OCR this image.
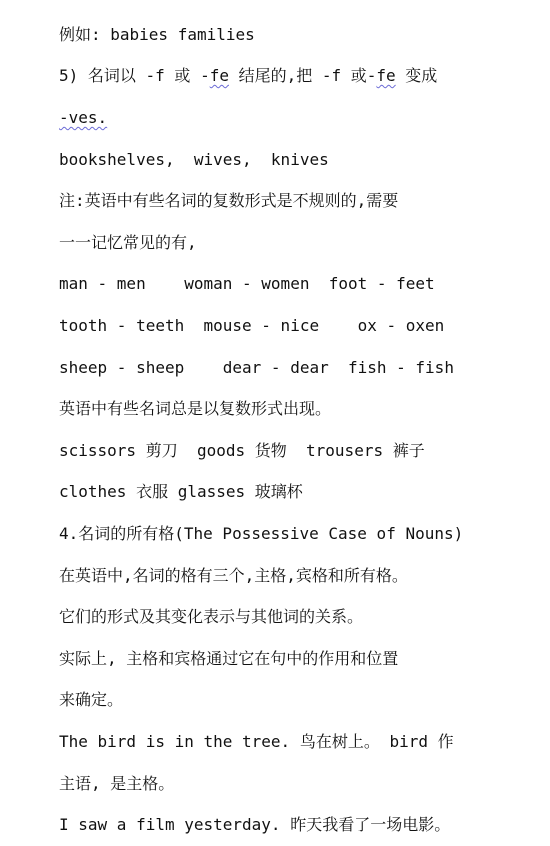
例如: babies families
5) 名词以 -f 或 -fe 结尾的,把 -f 或-fe 变成
-ves.
bookshelves,  wives,  knives
注:英语中有些名词的复数形式是不规则的,需要
一一记忆常见的有,
man - men    woman - women  foot - feet
tooth - teeth  mouse - nice    ox - oxen
sheep - sheep    dear - dear  fish - fish
英语中有些名词总是以复数形式出现。
scissors 剪刀  goods 货物  trousers 裤子
clothes 衣服 glasses 玻璃杯
4.名词的所有格(The Possessive Case of Nouns)
在英语中,名词的格有三个,主格,宾格和所有格。
它们的形式及其变化表示与其他词的关系。
实际上, 主格和宾格通过它在句中的作用和位置
来确定。
The bird is in the tree. 鸟在树上。 bird 作
主语, 是主格。
I saw a film yesterday. 昨天我看了一场电影。
